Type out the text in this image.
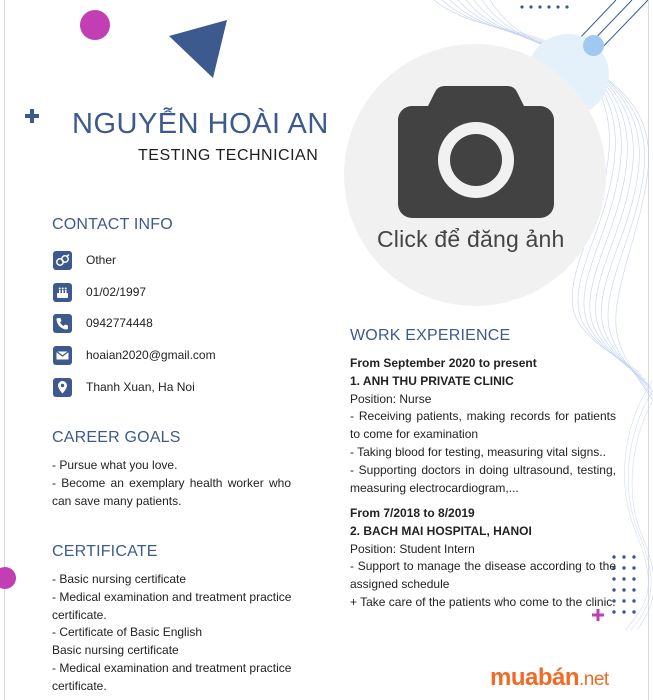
NGUYỄN HOÀI AN
TESTING TECHNICIAN
Click để đăng ảnh
CONTACT INFO
Other
01/02/1997
0942774448
hoaian2020@gmail.com
Thanh Xuan, Ha Noi
CAREER GOALS
- Pursue what you love.
- Become an exemplary health worker who can save many patients.
CERTIFICATE
- Basic nursing certificate
- Medical examination and treatment practice certificate.
- Certificate of Basic English
Basic nursing certificate
- Medical examination and treatment practice certificate.
WORK EXPERIENCE
From September 2020 to present
1. ANH THU PRIVATE CLINIC
Position: Nurse
- Receiving patients, making records for patients to come for examination
- Taking blood for testing, measuring vital signs..
- Supporting doctors in doing ultrasound, testing, measuring electrocardiogram,...
From 7/2018 to 8/2019
2. BACH MAI HOSPITAL, HANOI
Position: Student Intern
- Support to manage the disease according to the assigned schedule
+ Take care of the patients who come to the clinic.
muabán.net
